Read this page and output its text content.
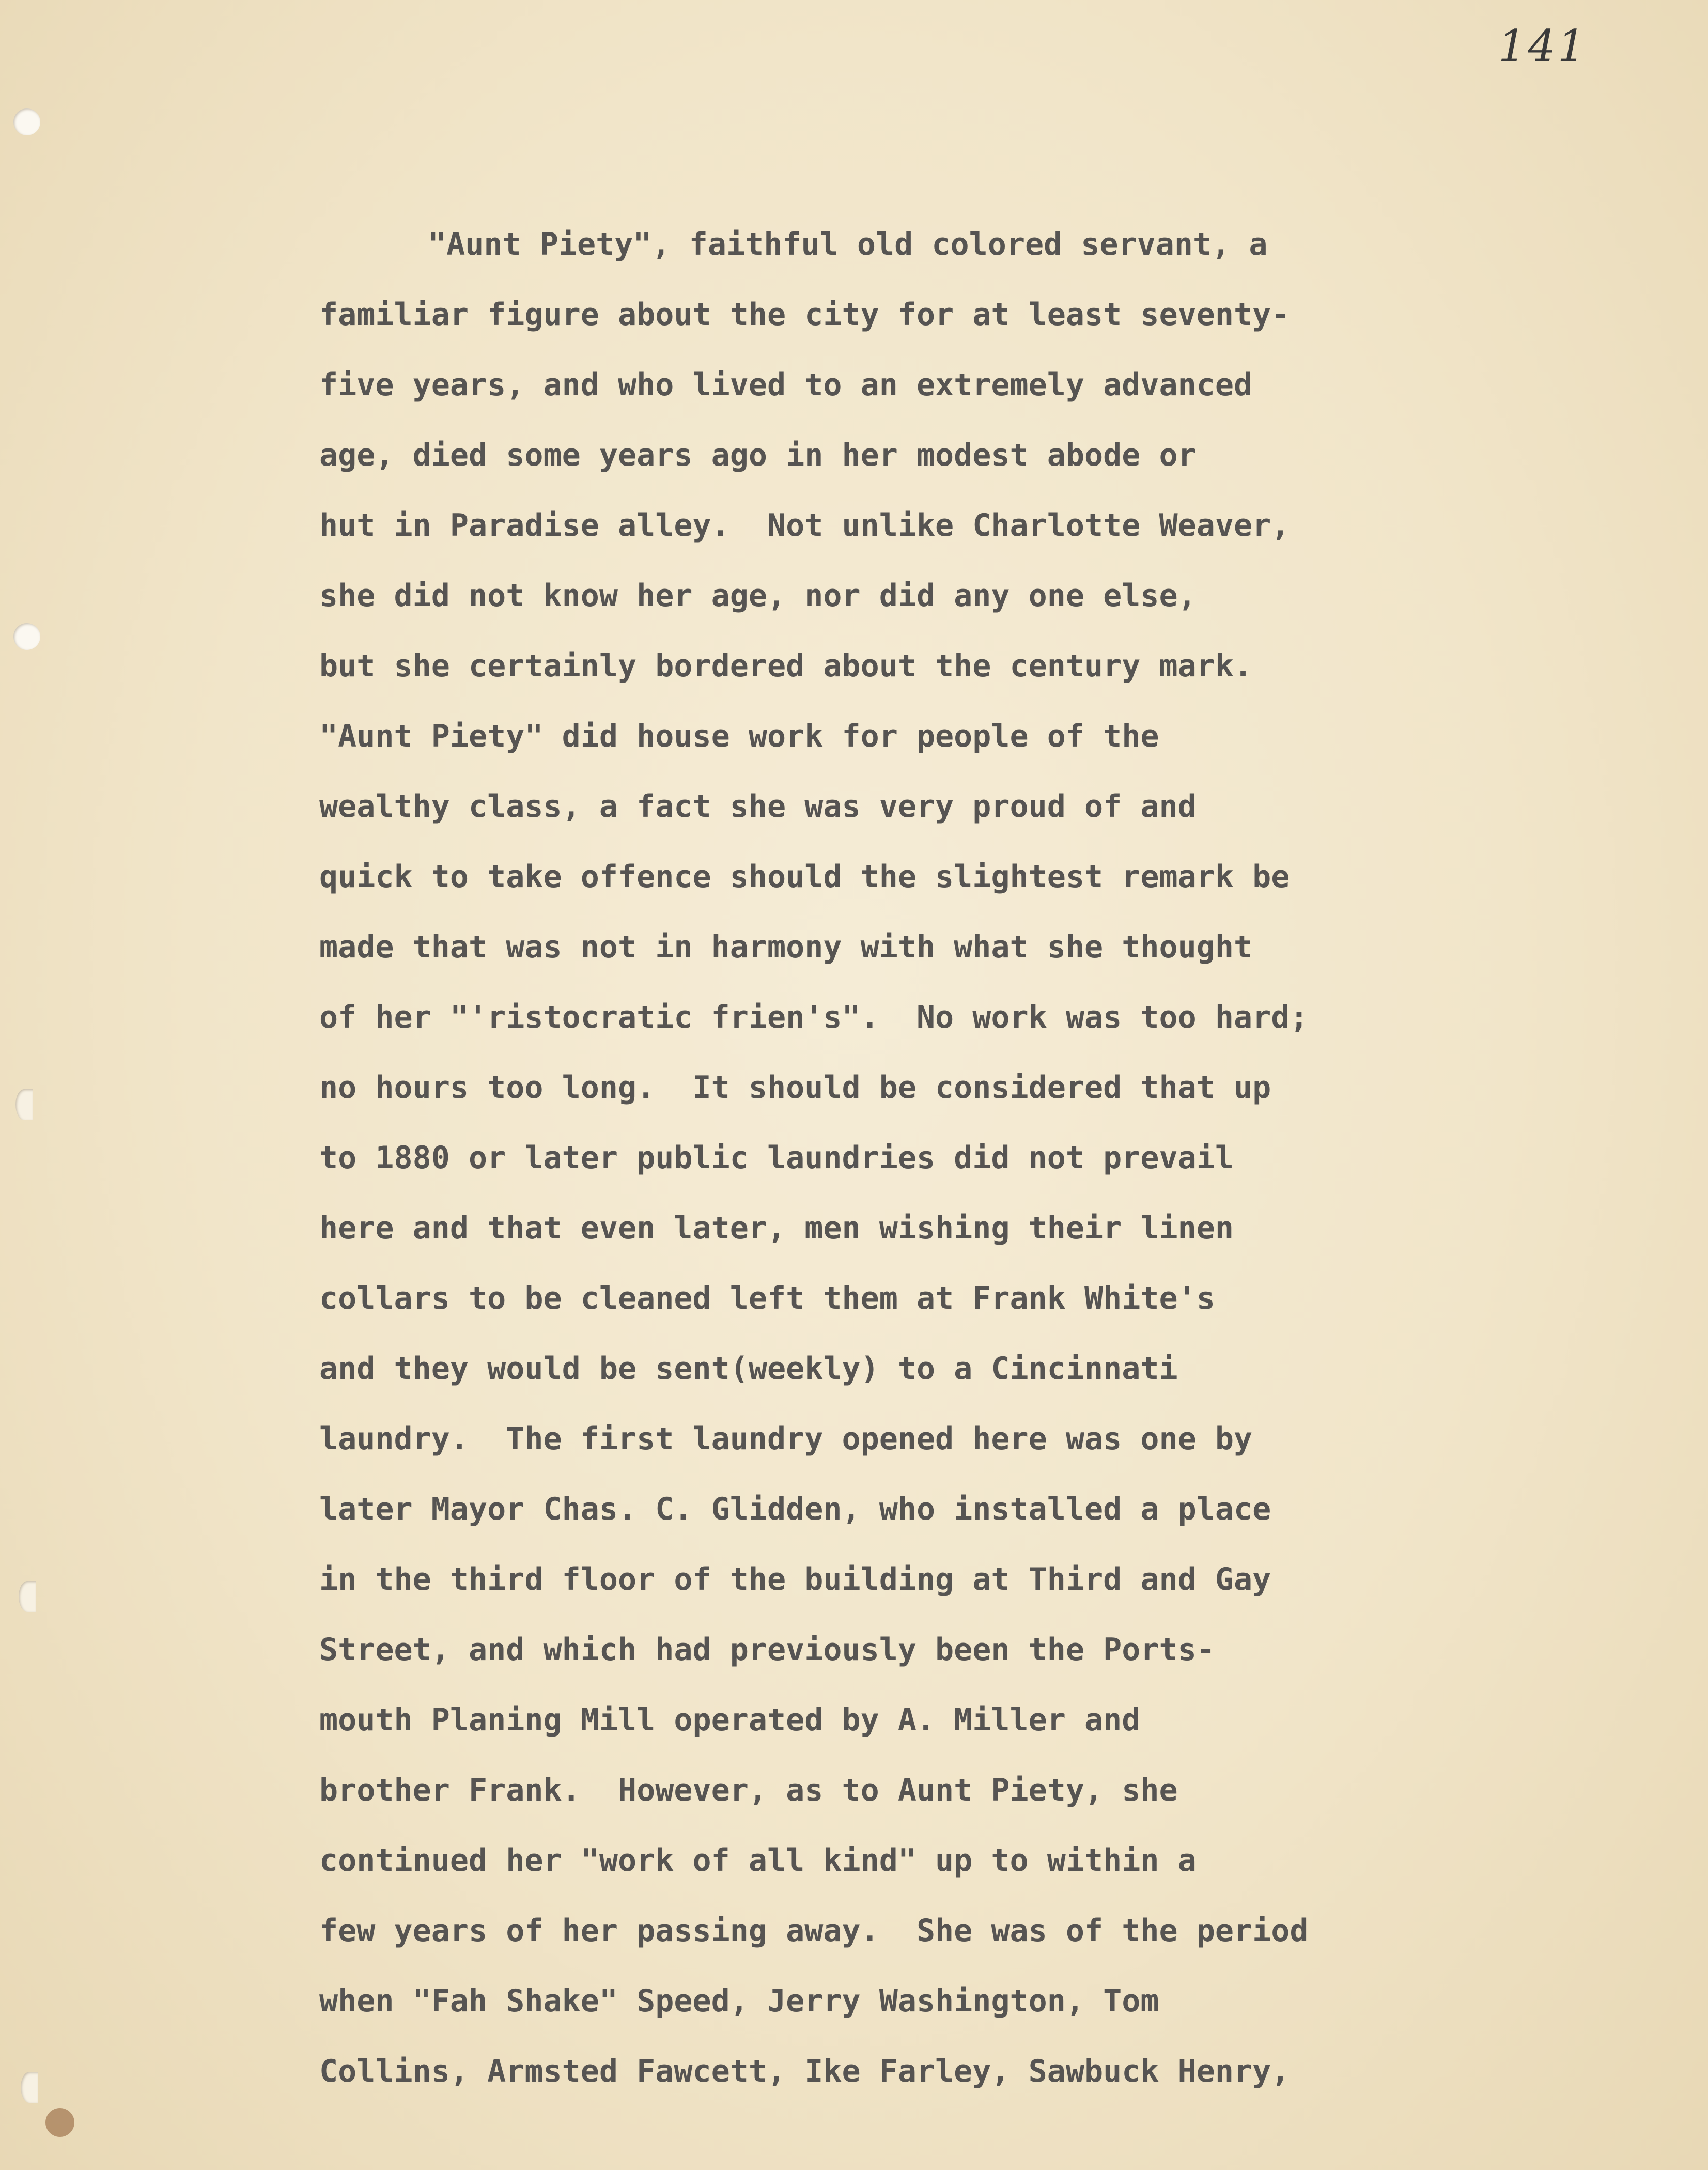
141
"Aunt Piety", faithful old colored servant, a
familiar figure about the city for at least seventy-
five years, and who lived to an extremely advanced
age, died some years ago in her modest abode or
hut in Paradise alley.  Not unlike Charlotte Weaver,
she did not know her age, nor did any one else,
but she certainly bordered about the century mark.
"Aunt Piety" did house work for people of the
wealthy class, a fact she was very proud of and
quick to take offence should the slightest remark be
made that was not in harmony with what she thought
of her "'ristocratic frien's".  No work was too hard;
no hours too long.  It should be considered that up
to 1880 or later public laundries did not prevail
here and that even later, men wishing their linen
collars to be cleaned left them at Frank White's
and they would be sent(weekly) to a Cincinnati
laundry.  The first laundry opened here was one by
later Mayor Chas. C. Glidden, who installed a place
in the third floor of the building at Third and Gay
Street, and which had previously been the Ports-
mouth Planing Mill operated by A. Miller and
brother Frank.  However, as to Aunt Piety, she
continued her "work of all kind" up to within a
few years of her passing away.  She was of the period
when "Fah Shake" Speed, Jerry Washington, Tom
Collins, Armsted Fawcett, Ike Farley, Sawbuck Henry,
